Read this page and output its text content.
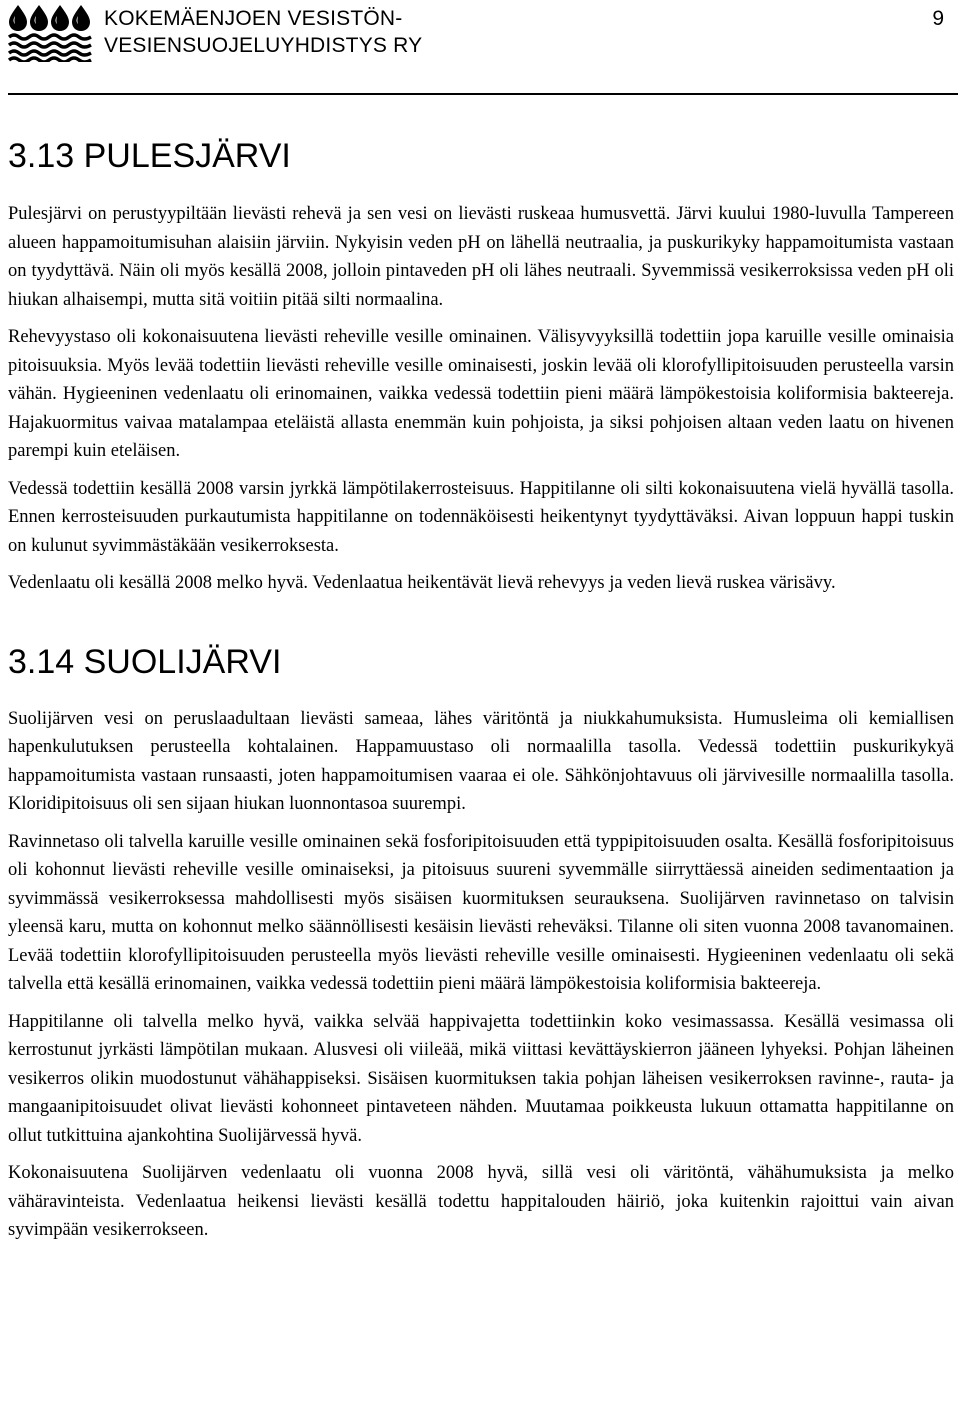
KOKEMÄENJOEN VESISTÖN-
VESIENSUOJELUYHDISTYS RY
9
3.13 PULESJÄRVI

Pulesjärvi on perustyypiltään lievästi rehevä ja sen vesi on lievästi ruskeaa humusvettä. Järvi kuului 1980-luvulla Tampereen alueen happamoitumisuhan alaisiin järviin. Nykyisin veden pH on lähellä neutraalia, ja puskurikyky happamoitumista vastaan on tyydyttävä. Näin oli myös kesällä 2008, jolloin pintaveden pH oli lähes neutraali. Syvemmissä vesikerroksissa veden pH oli hiukan alhaisempi, mutta sitä voitiin pitää silti normaalina.

Rehevyystaso oli kokonaisuutena lievästi reheville vesille ominainen. Välisyvyyksillä todettiin jopa karuille vesille ominaisia pitoisuuksia. Myös levää todettiin lievästi reheville vesille ominaisesti, joskin levää oli klorofyllipitoisuuden perusteella varsin vähän. Hygieeninen vedenlaatu oli erinomainen, vaikka vedessä todettiin pieni määrä lämpökestoisia koliformisia bakteereja. Hajakuormitus vaivaa matalampaa eteläistä allasta enemmän kuin pohjoista, ja siksi pohjoisen altaan veden laatu on hivenen parempi kuin eteläisen.

Vedessä todettiin kesällä 2008 varsin jyrkkä lämpötilakerrosteisuus. Happitilanne oli silti kokonaisuutena vielä hyvällä tasolla. Ennen kerrosteisuuden purkautumista happitilanne on todennäköisesti heikentynyt tyydyttäväksi. Aivan loppuun happi tuskin on kulunut syvimmästäkään vesikerroksesta.

Vedenlaatu oli kesällä 2008 melko hyvä. Vedenlaatua heikentävät lievä rehevyys ja veden lievä ruskea värisävy.

3.14 SUOLIJÄRVI

Suolijärven vesi on peruslaadultaan lievästi sameaa, lähes väritöntä ja niukkahumuksista. Humusleima oli kemiallisen hapenkulutuksen perusteella kohtalainen. Happamuustaso oli normaalilla tasolla. Vedessä todettiin puskurikykyä happamoitumista vastaan runsaasti, joten happamoitumisen vaaraa ei ole. Sähkönjohtavuus oli järvivesille normaalilla tasolla. Kloridipitoisuus oli sen sijaan hiukan luonnontasoa suurempi.

Ravinnetaso oli talvella karuille vesille ominainen sekä fosforipitoisuuden että typpipitoisuuden osalta. Kesällä fosforipitoisuus oli kohonnut lievästi reheville vesille ominaiseksi, ja pitoisuus suureni syvemmälle siirryttäessä aineiden sedimentaation ja syvimmässä vesikerroksessa mahdollisesti myös sisäisen kuormituksen seurauksena. Suolijärven ravinnetaso on talvisin yleensä karu, mutta on kohonnut melko säännöllisesti kesäisin lievästi reheväksi. Tilanne oli siten vuonna 2008 tavanomainen. Levää todettiin klorofyllipitoisuuden perusteella myös lievästi reheville vesille ominaisesti. Hygieeninen vedenlaatu oli sekä talvella että kesällä erinomainen, vaikka vedessä todettiin pieni määrä lämpökestoisia koliformisia bakteereja.

Happitilanne oli talvella melko hyvä, vaikka selvää happivajetta todettiinkin koko vesimassassa. Kesällä vesimassa oli kerrostunut jyrkästi lämpötilan mukaan. Alusvesi oli viileää, mikä viittasi kevättäyskierron jääneen lyhyeksi. Pohjan läheinen vesikerros olikin muodostunut vähähappiseksi. Sisäisen kuormituksen takia pohjan läheisen vesikerroksen ravinne-, rauta- ja mangaanipitoisuudet olivat lievästi kohonneet pintaveteen nähden. Muutamaa poikkeusta lukuun ottamatta happitilanne on ollut tutkittuina ajankohtina Suolijärvessä hyvä.

Kokonaisuutena Suolijärven vedenlaatu oli vuonna 2008 hyvä, sillä vesi oli väritöntä, vähähumuksista ja melko vähäravinteista. Vedenlaatua heikensi lievästi kesällä todettu happitalouden häiriö, joka kuitenkin rajoittui vain aivan syvimpään vesikerrokseen.
